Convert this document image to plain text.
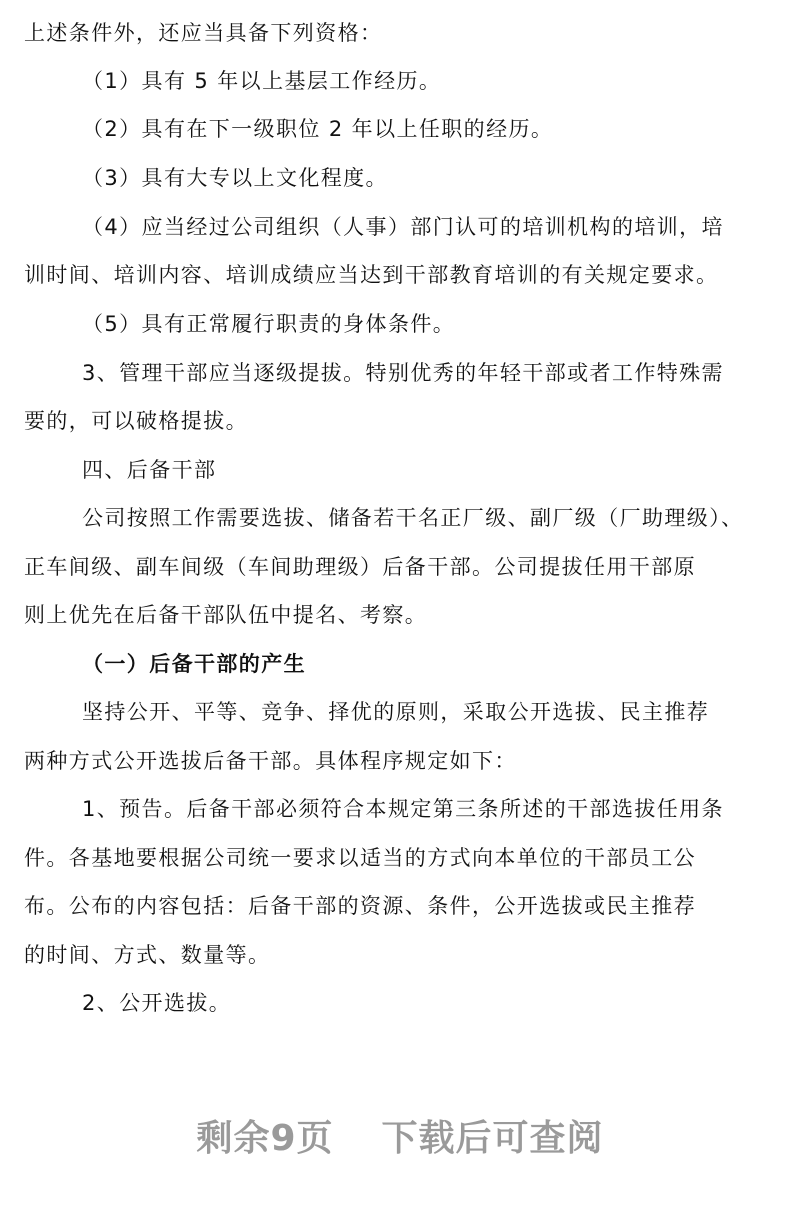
上述条件外，还应当具备下列资格：
（1）具有 5 年以上基层工作经历。
（2）具有在下一级职位 2 年以上任职的经历。
（3）具有大专以上文化程度。
（4）应当经过公司组织（人事）部门认可的培训机构的培训，培
训时间、培训内容、培训成绩应当达到干部教育培训的有关规定要求。
（5）具有正常履行职责的身体条件。
3、管理干部应当逐级提拔。特别优秀的年轻干部或者工作特殊需
要的，可以破格提拔。
四、后备干部
公司按照工作需要选拔、储备若干名正厂级、副厂级（厂助理级）、
正车间级、副车间级（车间助理级）后备干部。公司提拔任用干部原
则上优先在后备干部队伍中提名、考察。
（一）后备干部的产生
坚持公开、平等、竞争、择优的原则，采取公开选拔、民主推荐
两种方式公开选拔后备干部。具体程序规定如下：
1、预告。后备干部必须符合本规定第三条所述的干部选拔任用条
件。各基地要根据公司统一要求以适当的方式向本单位的干部员工公
布。公布的内容包括：后备干部的资源、条件，公开选拔或民主推荐
的时间、方式、数量等。
2、公开选拔。
剩余9页 下载后可查阅
